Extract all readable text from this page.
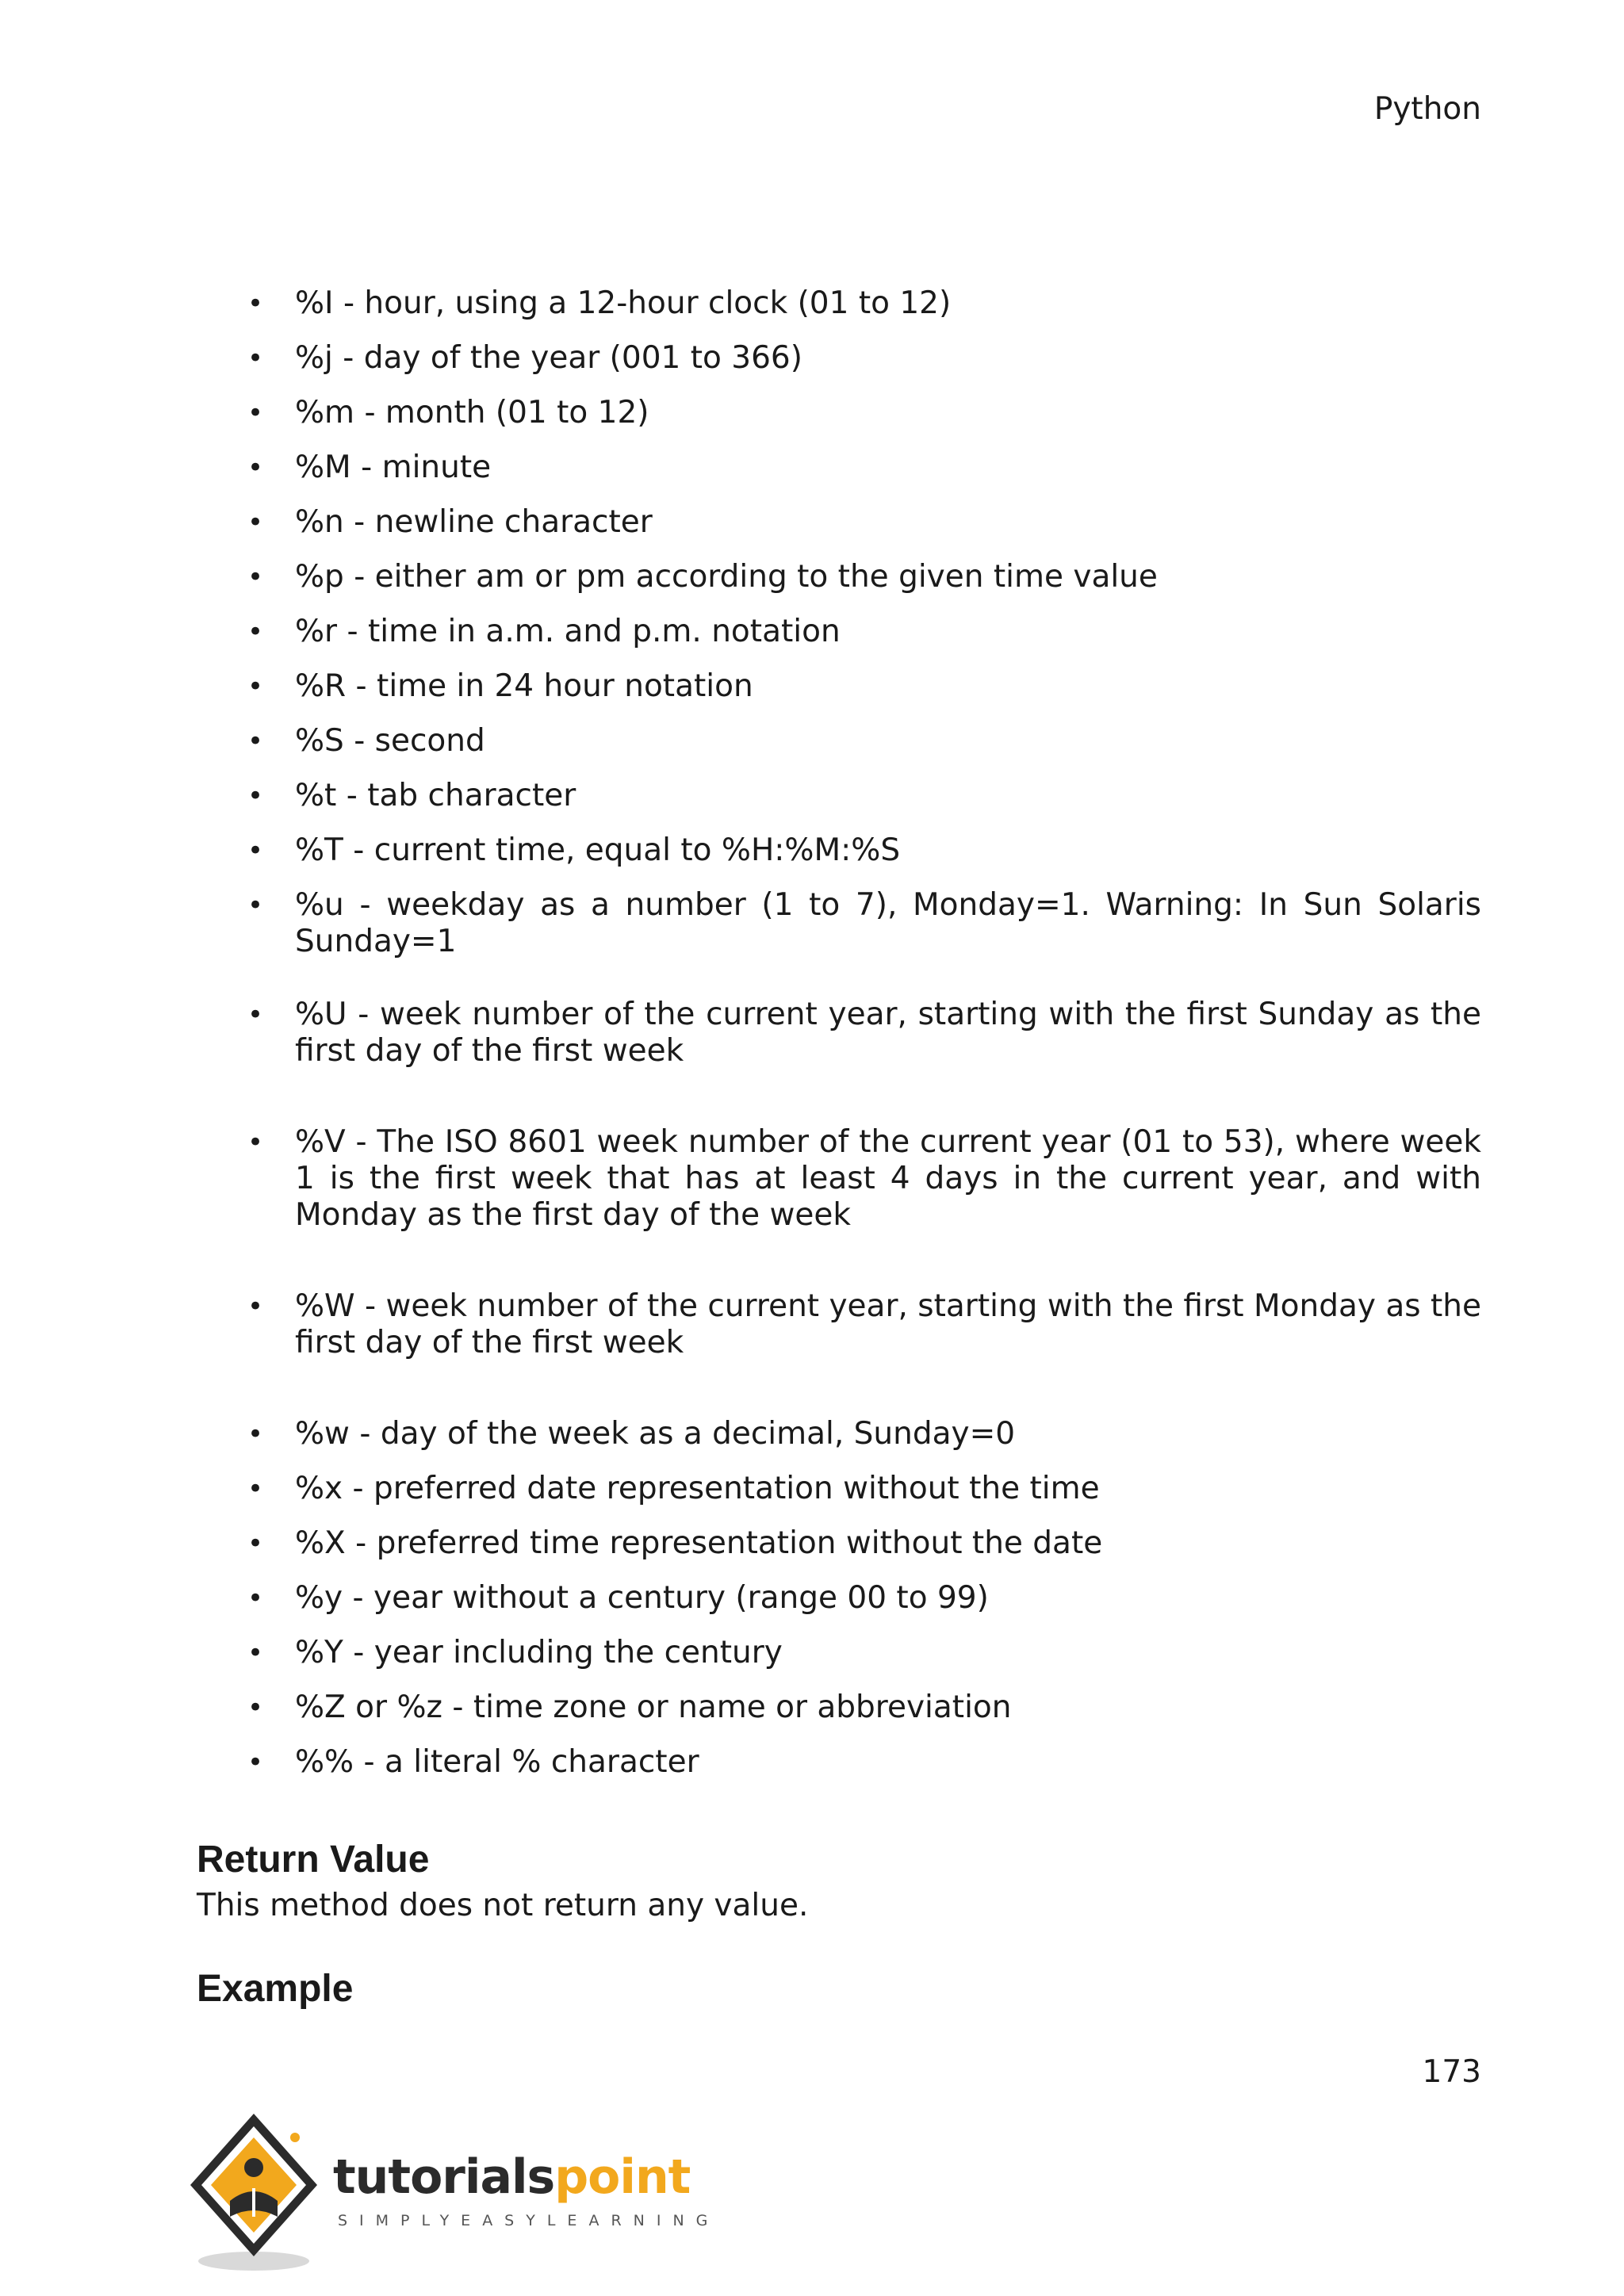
Python
• %I - hour, using a 12-hour clock (01 to 12)
• %j - day of the year (001 to 366)
• %m - month (01 to 12)
• %M - minute
• %n - newline character
• %p - either am or pm according to the given time value
• %r - time in a.m. and p.m. notation
• %R - time in 24 hour notation
• %S - second
• %t - tab character
• %T - current time, equal to %H:%M:%S
• %u - weekday as a number (1 to 7), Monday=1. Warning: In Sun Solaris Sunday=1
• %U - week number of the current year, starting with the first Sunday as the first day of the first week
• %V - The ISO 8601 week number of the current year (01 to 53), where week 1 is the first week that has at least 4 days in the current year, and with Monday as the first day of the week
• %W - week number of the current year, starting with the first Monday as the first day of the first week
• %w - day of the week as a decimal, Sunday=0
• %x - preferred date representation without the time
• %X - preferred time representation without the date
• %y - year without a century (range 00 to 99)
• %Y - year including the century
• %Z or %z - time zone or name or abbreviation
• %% - a literal % character
Return Value
This method does not return any value.
Example
173
tutorialspoint
SIMPLYEASYLEARNING
